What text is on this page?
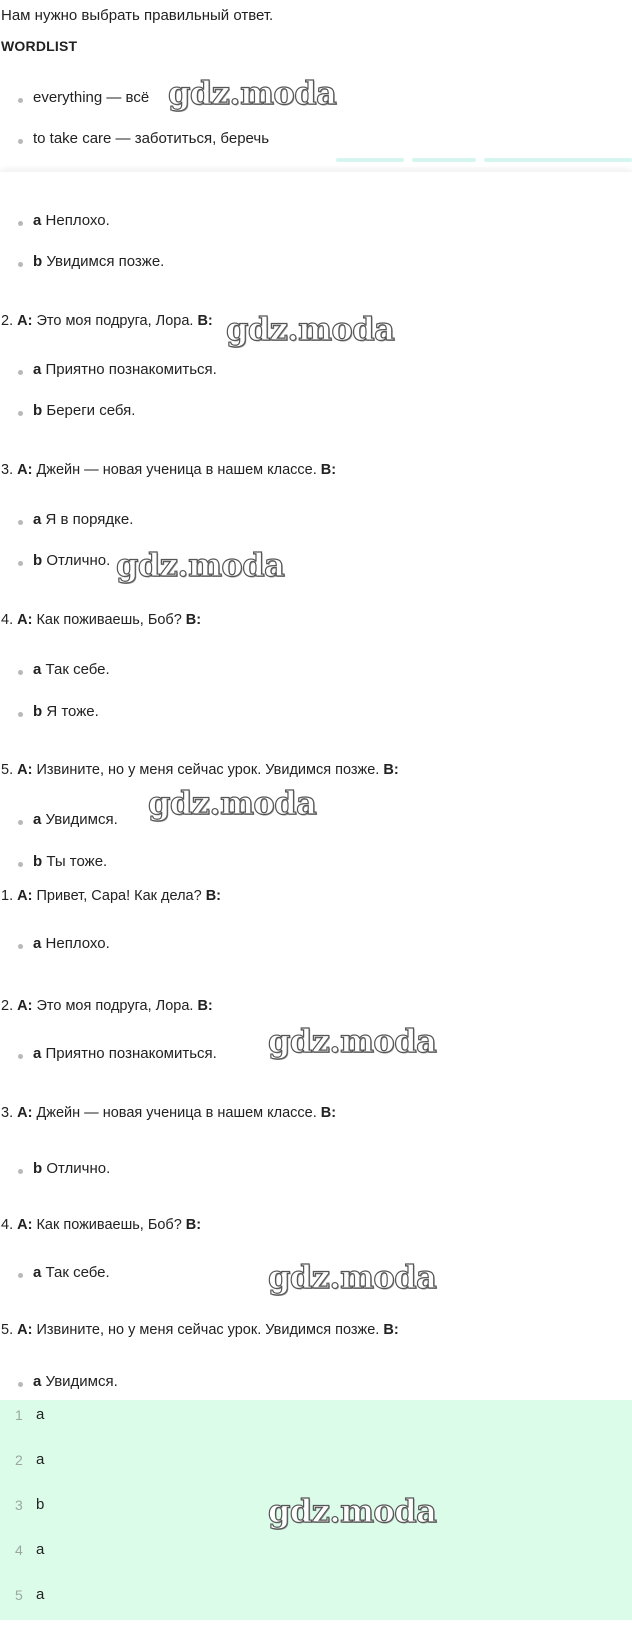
Нам нужно выбрать правильный ответ.
WORDLIST
everything — всё
to take care — заботиться, беречь
a Неплохо.
b Увидимся позже.
2. A: Это моя подруга, Лора. B:
a Приятно познакомиться.
b Береги себя.
3. A: Джейн — новая ученица в нашем классе. B:
a Я в порядке.
b Отлично.
4. A: Как поживаешь, Боб? B:
a Так себе.
b Я тоже.
5. A: Извините, но у меня сейчас урок. Увидимся позже. B:
a Увидимся.
b Ты тоже.
1. A: Привет, Сара! Как дела? B:
a Неплохо.
2. A: Это моя подруга, Лора. B:
a Приятно познакомиться.
3. A: Джейн — новая ученица в нашем классе. B:
b Отлично.
4. A: Как поживаешь, Боб? B:
a Так себе.
5. A: Извините, но у меня сейчас урок. Увидимся позже. B:
a Увидимся.
1 a
2 a
3 b
4 a
5 a
gdz.moda
gdz.moda
gdz.moda
gdz.moda
gdz.moda
gdz.moda
gdz.moda
